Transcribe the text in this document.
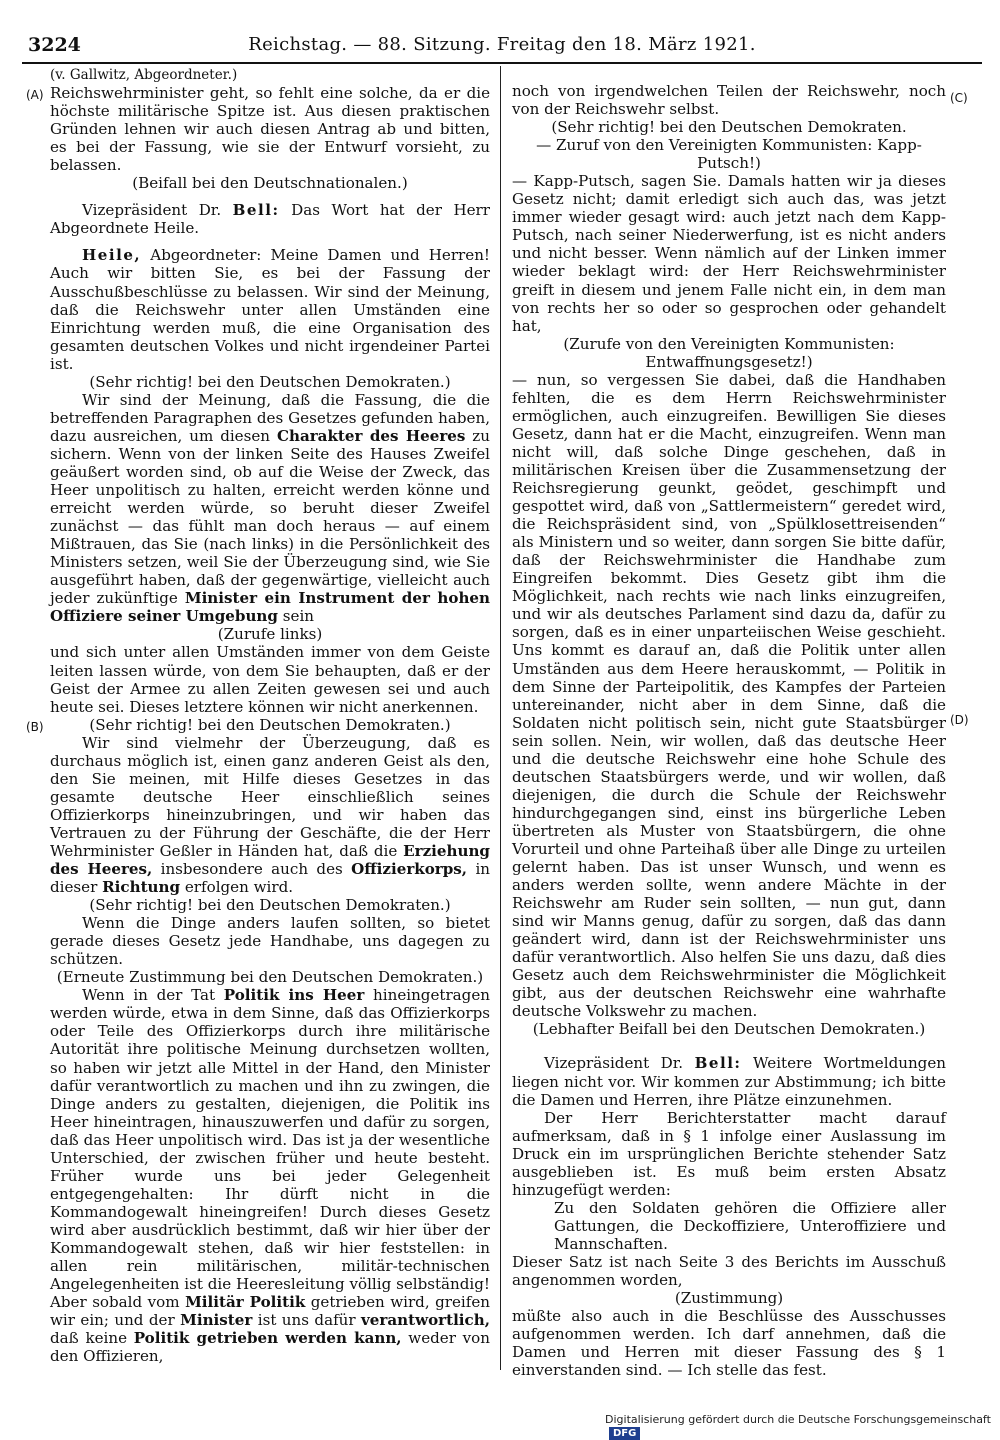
3224	Reichstag. — 88. Sitzung. Freitag den 18. März 1921.
(A)
(B)
(C)
(D)

(v. Gallwitz, Abgeordneter.)

Reichswehrminister geht, so fehlt eine solche, da er die höchste militärische Spitze ist. Aus diesen praktischen Gründen lehnen wir auch diesen Antrag ab und bitten, es bei der Fassung, wie sie der Entwurf vorsieht, zu belassen.

(Beifall bei den Deutschnationalen.)

Vizepräsident Dr. Bell: Das Wort hat der Herr Abgeordnete Heile.

Heile, Abgeordneter: Meine Damen und Herren! Auch wir bitten Sie, es bei der Fassung der Ausschußbeschlüsse zu belassen. Wir sind der Meinung, daß die Reichswehr unter allen Umständen eine Einrichtung werden muß, die eine Organisation des gesamten deutschen Volkes und nicht irgendeiner Partei ist.

(Sehr richtig! bei den Deutschen Demokraten.)

Wir sind der Meinung, daß die Fassung, die die betreffenden Paragraphen des Gesetzes gefunden haben, dazu ausreichen, um diesen Charakter des Heeres zu sichern. Wenn von der linken Seite des Hauses Zweifel geäußert worden sind, ob auf die Weise der Zweck, das Heer unpolitisch zu halten, erreicht werden könne und erreicht werden würde, so beruht dieser Zweifel zunächst — das fühlt man doch heraus — auf einem Mißtrauen, das Sie (nach links) in die Persönlichkeit des Ministers setzen, weil Sie der Überzeugung sind, wie Sie ausgeführt haben, daß der gegenwärtige, vielleicht auch jeder zukünftige Minister ein Instrument der hohen Offiziere seiner Umgebung sein

(Zurufe links)

und sich unter allen Umständen immer von dem Geiste leiten lassen würde, von dem Sie behaupten, daß er der Geist der Armee zu allen Zeiten gewesen sei und auch heute sei. Dieses letztere können wir nicht anerkennen.

(Sehr richtig! bei den Deutschen Demokraten.)

Wir sind vielmehr der Überzeugung, daß es durchaus möglich ist, einen ganz anderen Geist als den, den Sie meinen, mit Hilfe dieses Gesetzes in das gesamte deutsche Heer einschließlich seines Offizierkorps hineinzubringen, und wir haben das Vertrauen zu der Führung der Geschäfte, die der Herr Wehrminister Geßler in Händen hat, daß die Erziehung des Heeres, insbesondere auch des Offizierkorps, in dieser Richtung erfolgen wird.

(Sehr richtig! bei den Deutschen Demokraten.)

Wenn die Dinge anders laufen sollten, so bietet gerade dieses Gesetz jede Handhabe, uns dagegen zu schützen.

(Erneute Zustimmung bei den Deutschen Demokraten.)

Wenn in der Tat Politik ins Heer hineingetragen werden würde, etwa in dem Sinne, daß das Offizierkorps oder Teile des Offizierkorps durch ihre militärische Autorität ihre politische Meinung durchsetzen wollten, so haben wir jetzt alle Mittel in der Hand, den Minister dafür verantwortlich zu machen und ihn zu zwingen, die Dinge anders zu gestalten, diejenigen, die Politik ins Heer hineintragen, hinauszuwerfen und dafür zu sorgen, daß das Heer unpolitisch wird. Das ist ja der wesentliche Unterschied, der zwischen früher und heute besteht. Früher wurde uns bei jeder Gelegenheit entgegengehalten: Ihr dürft nicht in die Kommandogewalt hineingreifen! Durch dieses Gesetz wird aber ausdrücklich bestimmt, daß wir hier über der Kommandogewalt stehen, daß wir hier feststellen: in allen rein militärischen, militär-technischen Angelegenheiten ist die Heeresleitung völlig selbständig! Aber sobald vom Militär Politik getrieben wird, greifen wir ein; und der Minister ist uns dafür verantwortlich, daß keine Politik getrieben werden kann, weder von den Offizieren,

noch von irgendwelchen Teilen der Reichswehr, noch von der Reichswehr selbst.

(Sehr richtig! bei den Deutschen Demokraten.

— Zuruf von den Vereinigten Kommunisten: Kapp-Putsch!)

— Kapp-Putsch, sagen Sie. Damals hatten wir ja dieses Gesetz nicht; damit erledigt sich auch das, was jetzt immer wieder gesagt wird: auch jetzt nach dem Kapp-Putsch, nach seiner Niederwerfung, ist es nicht anders und nicht besser. Wenn nämlich auf der Linken immer wieder beklagt wird: der Herr Reichswehrminister greift in diesem und jenem Falle nicht ein, in dem man von rechts her so oder so gesprochen oder gehandelt hat,

(Zurufe von den Vereinigten Kommunisten: Entwaffnungsgesetz!)

— nun, so vergessen Sie dabei, daß die Handhaben fehlten, die es dem Herrn Reichswehrminister ermöglichen, auch einzugreifen. Bewilligen Sie dieses Gesetz, dann hat er die Macht, einzugreifen. Wenn man nicht will, daß solche Dinge geschehen, daß in militärischen Kreisen über die Zusammensetzung der Reichsregierung geunkt, geödet, geschimpft und gespottet wird, daß von „Sattlermeistern“ geredet wird, die Reichspräsident sind, von „Spülklosettreisenden“ als Ministern und so weiter, dann sorgen Sie bitte dafür, daß der Reichswehrminister die Handhabe zum Eingreifen bekommt. Dies Gesetz gibt ihm die Möglichkeit, nach rechts wie nach links einzugreifen, und wir als deutsches Parlament sind dazu da, dafür zu sorgen, daß es in einer unparteiischen Weise geschieht. Uns kommt es darauf an, daß die Politik unter allen Umständen aus dem Heere herauskommt, — Politik in dem Sinne der Parteipolitik, des Kampfes der Parteien untereinander, nicht aber in dem Sinne, daß die Soldaten nicht politisch sein, nicht gute Staatsbürger sein sollen. Nein, wir wollen, daß das deutsche Heer und die deutsche Reichswehr eine hohe Schule des deutschen Staatsbürgers werde, und wir wollen, daß diejenigen, die durch die Schule der Reichswehr hindurchgegangen sind, einst ins bürgerliche Leben übertreten als Muster von Staatsbürgern, die ohne Vorurteil und ohne Parteihaß über alle Dinge zu urteilen gelernt haben. Das ist unser Wunsch, und wenn es anders werden sollte, wenn andere Mächte in der Reichswehr am Ruder sein sollten, — nun gut, dann sind wir Manns genug, dafür zu sorgen, daß das dann geändert wird, dann ist der Reichswehrminister uns dafür verantwortlich. Also helfen Sie uns dazu, daß dies Gesetz auch dem Reichswehrminister die Möglichkeit gibt, aus der deutschen Reichswehr eine wahrhafte deutsche Volkswehr zu machen.

(Lebhafter Beifall bei den Deutschen Demokraten.)

Vizepräsident Dr. Bell: Weitere Wortmeldungen liegen nicht vor. Wir kommen zur Abstimmung; ich bitte die Damen und Herren, ihre Plätze einzunehmen.

Der Herr Berichterstatter macht darauf aufmerksam, daß in § 1 infolge einer Auslassung im Druck ein im ursprünglichen Berichte stehender Satz ausgeblieben ist. Es muß beim ersten Absatz hinzugefügt werden:

Zu den Soldaten gehören die Offiziere aller Gattungen, die Deckoffiziere, Unteroffiziere und Mannschaften.

Dieser Satz ist nach Seite 3 des Berichts im Ausschuß angenommen worden,

(Zustimmung)

müßte also auch in die Beschlüsse des Ausschusses aufgenommen werden. Ich darf annehmen, daß die Damen und Herren mit dieser Fassung des § 1 einverstanden sind. — Ich stelle das fest.

Digitalisierung gefördert durch die Deutsche ForschungsgemeinschaftDFG
